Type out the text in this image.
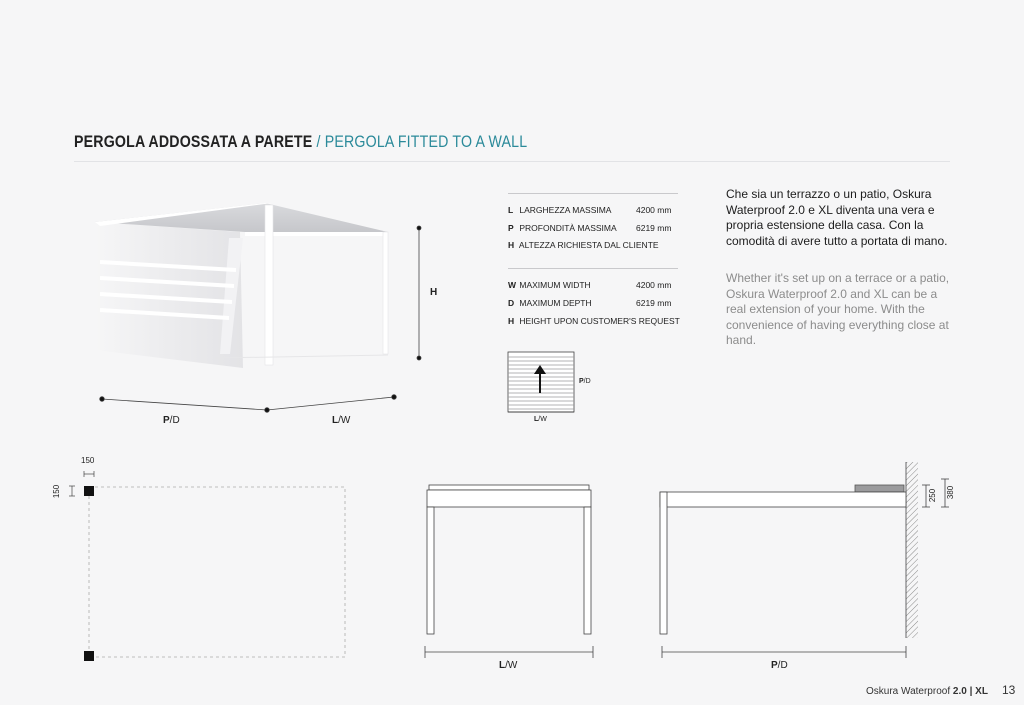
PERGOLA ADDOSSATA A PARETE / PERGOLA FITTED TO A WALL
H
P/D	L/W
P/D
L/W
L LARGHEZZA MASSIMA	4200 mm
P PROFONDITÀ MASSIMA 6219 mm
H ALTEZZA RICHIESTA DAL CLIENTE
W MAXIMUM WIDTH	4200 mm
D MAXIMUM DEPTH	6219 mm
H HEIGHT UPON CUSTOMER'S REQUEST
Che sia un terrazzo o un patio, Oskura Waterproof 2.0 e XL diventa una vera e propria estensione della casa. Con la comodità di avere tutto a portata di mano.
Whether it's set up on a terrace or a patio, Oskura Waterproof 2.0 and XL can be a real extension of your home. With the convenience of having everything close at hand.
150
150
L/W	P/D
250 380
Oskura Waterproof 2.0 | XL 13
